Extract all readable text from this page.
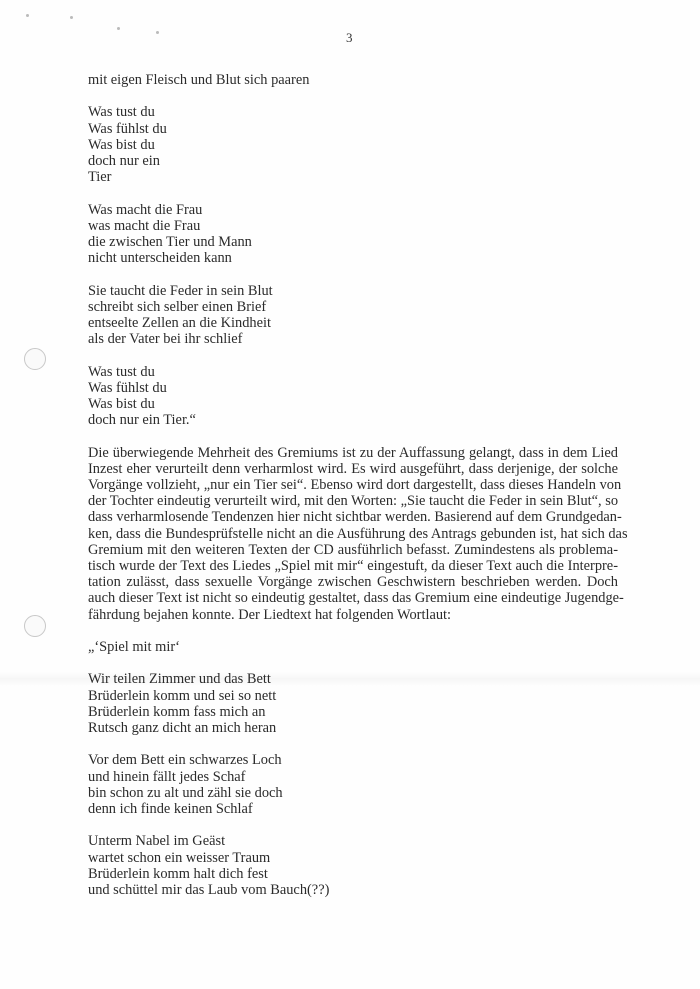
3
mit eigen Fleisch und Blut sich paaren
Was tust du
Was fühlst du
Was bist du
doch nur ein
Tier
Was macht die Frau
was macht die Frau
die zwischen Tier und Mann
nicht unterscheiden kann
Sie taucht die Feder in sein Blut
schreibt sich selber einen Brief
entseelte Zellen an die Kindheit
als der Vater bei ihr schlief
Was tust du
Was fühlst du
Was bist du
doch nur ein Tier.“
Die überwiegende Mehrheit des Gremiums ist zu der Auffassung gelangt, dass in dem Lied
Inzest eher verurteilt denn verharmlost wird. Es wird ausgeführt, dass derjenige, der solche
Vorgänge vollzieht, „nur ein Tier sei“. Ebenso wird dort dargestellt, dass dieses Handeln von
der Tochter eindeutig verurteilt wird, mit den Worten: „Sie taucht die Feder in sein Blut“, so
dass verharmlosende Tendenzen hier nicht sichtbar werden. Basierend auf dem Grundgedan-
ken, dass die Bundesprüfstelle nicht an die Ausführung des Antrags gebunden ist, hat sich das
Gremium mit den weiteren Texten der CD ausführlich befasst. Zumindestens als problema-
tisch wurde der Text des Liedes „Spiel mit mir“ eingestuft, da dieser Text auch die Interpre-
tation zulässt, dass sexuelle Vorgänge zwischen Geschwistern beschrieben werden. Doch
auch dieser Text ist nicht so eindeutig gestaltet, dass das Gremium eine eindeutige Jugendge-
fährdung bejahen konnte. Der Liedtext hat folgenden Wortlaut:
„‘Spiel mit mir‘
Wir teilen Zimmer und das Bett
Brüderlein komm und sei so nett
Brüderlein komm fass mich an
Rutsch ganz dicht an mich heran
Vor dem Bett ein schwarzes Loch
und hinein fällt jedes Schaf
bin schon zu alt und zähl sie doch
denn ich finde keinen Schlaf
Unterm Nabel im Geäst
wartet schon ein weisser Traum
Brüderlein komm halt dich fest
und schüttel mir das Laub vom Bauch(??)
